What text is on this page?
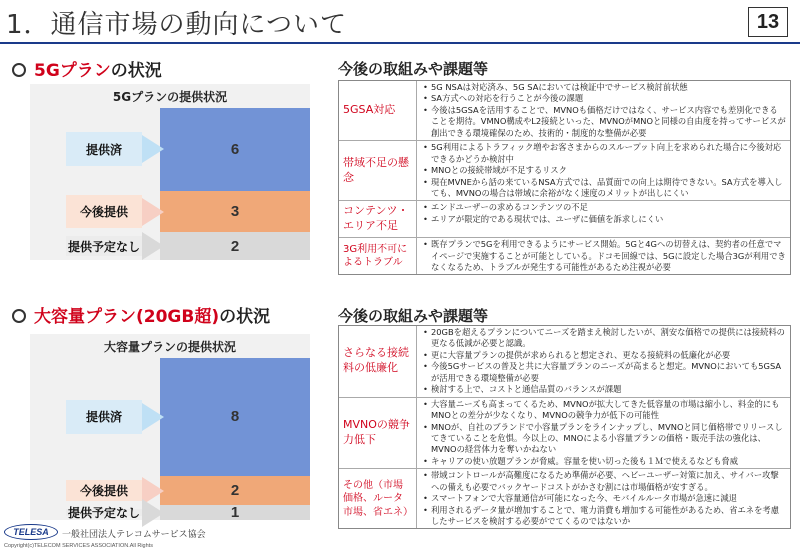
1．通信市場の動向について	13
5Gプランの状況
5Gプランの提供状況
6
提供済
3
今後提供
2
提供予定なし
今後の取組みや課題等
5GSA対応
• 5G NSAは対応済み、5G SAにおいては検証中でサービス検討前状態
• SA方式への対応を行うことが今後の課題
• 今後は5GSAを活用することで、MVNOも価格だけではなく、サービス内容でも差別化できることを期待。VMNO構成やL2接続といった、MVNOがMNOと同様の自由度を持ってサービスが創出できる環境確保のため、技術的・制度的な整備が必要
帯域不足の懸念
• 5G利用によるトラフィック増やお客さまからのスループット向上を求められた場合に今後対応できるかどうか検討中
• MNOとの接続帯域が不足するリスク
• 現在MVNEから話の来ているNSA方式では、品質面での向上は期待できない。SA方式を導入しても、MVNOの場合は帯域に余裕がなく速度のメリットが出しにくい
コンテンツ・エリア不足
• エンドユーザーの求めるコンテンツの不足
• エリアが限定的である現状では、ユーザに価値を訴求しにくい
3G利用不可によるトラブル
• 既存プランで5Gを利用できるようにサービス開始。5Gと4Gへの切替えは、契約者の任意でマイページで実施することが可能としている。ドコモ回線では、5Gに設定した場合3Gが利用できなくなるため、トラブルが発生する可能性があるため注視が必要
大容量プラン(20GB超)の状況
大容量プランの提供状況
8
提供済
2
今後提供
1
提供予定なし
今後の取組みや課題等
さらなる接続料の低廉化
• 20GBを超えるプランについてニーズを踏まえ検討したいが、割安な価格での提供には接続料の更なる低減が必要と認識。
• 更に大容量プランの提供が求められると想定され、更なる接続料の低廉化が必要
• 今後5Gサービスの普及と共に大容量プランのニーズが高まると想定。MVNOにおいても5GSAが活用できる環境整備が必要
• 検討する上で、コストと通信品質のバランスが課題
MVNOの競争力低下
• 大容量ニーズも高まってくるため、MVNOが拡大してきた低容量の市場は縮小し、料金的にもMNOとの差分が少なくなり、MVNOの競争力が低下の可能性
• MNOが、自社のブランドで小容量プランをラインナップし、MVNOと同じ価格帯でリリースしてきていることを危惧。今以上の、MNOによる小容量プランの価格・販売手法の強化は、MVNOの経営体力を奪いかねない
• キャリアの使い放題プランが脅威。容量を使い切った後も１Ｍで使えるなども脅威
その他（市場価格、ルータ市場、省エネ）
• 帯域コントロールが高難度になるため準備が必要、ヘビーユーザー対策に加え、サイバー攻撃への備えも必要でバックヤードコストがかさむ割には市場価格が安すぎる。
• スマートフォンで大容量通信が可能になった今、モバイルルータ市場が急速に減退
• 利用されるデータ量が増加することで、電力消費も増加する可能性があるため、省エネを考慮したサービスを検討する必要がでてくるのではないか
TELESA	一般社団法人テレコムサービス協会
Copyright(c)TELECOM SERVICES ASSOCIATION.All Rights
